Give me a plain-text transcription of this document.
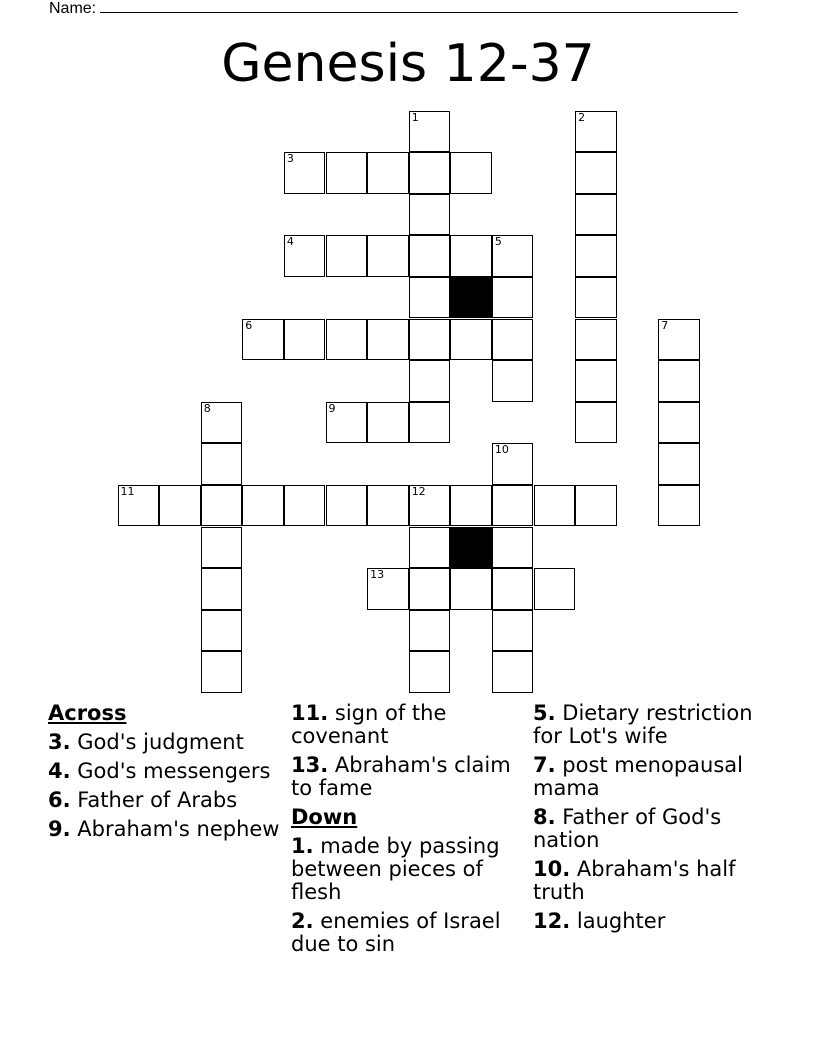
Name:
Genesis 12-37
3
4	5
6
9
11	12
13
1	2
7
8
10
Across
3. God's judgment
4. God's messengers
6. Father of Arabs
9. Abraham's nephew
11. sign of the covenant
13. Abraham's claim to fame
Down
1. made by passing between pieces of flesh
2. enemies of Israel due to sin
5. Dietary restriction for Lot's wife
7. post menopausal mama
8. Father of God's nation
10. Abraham's half truth
12. laughter
